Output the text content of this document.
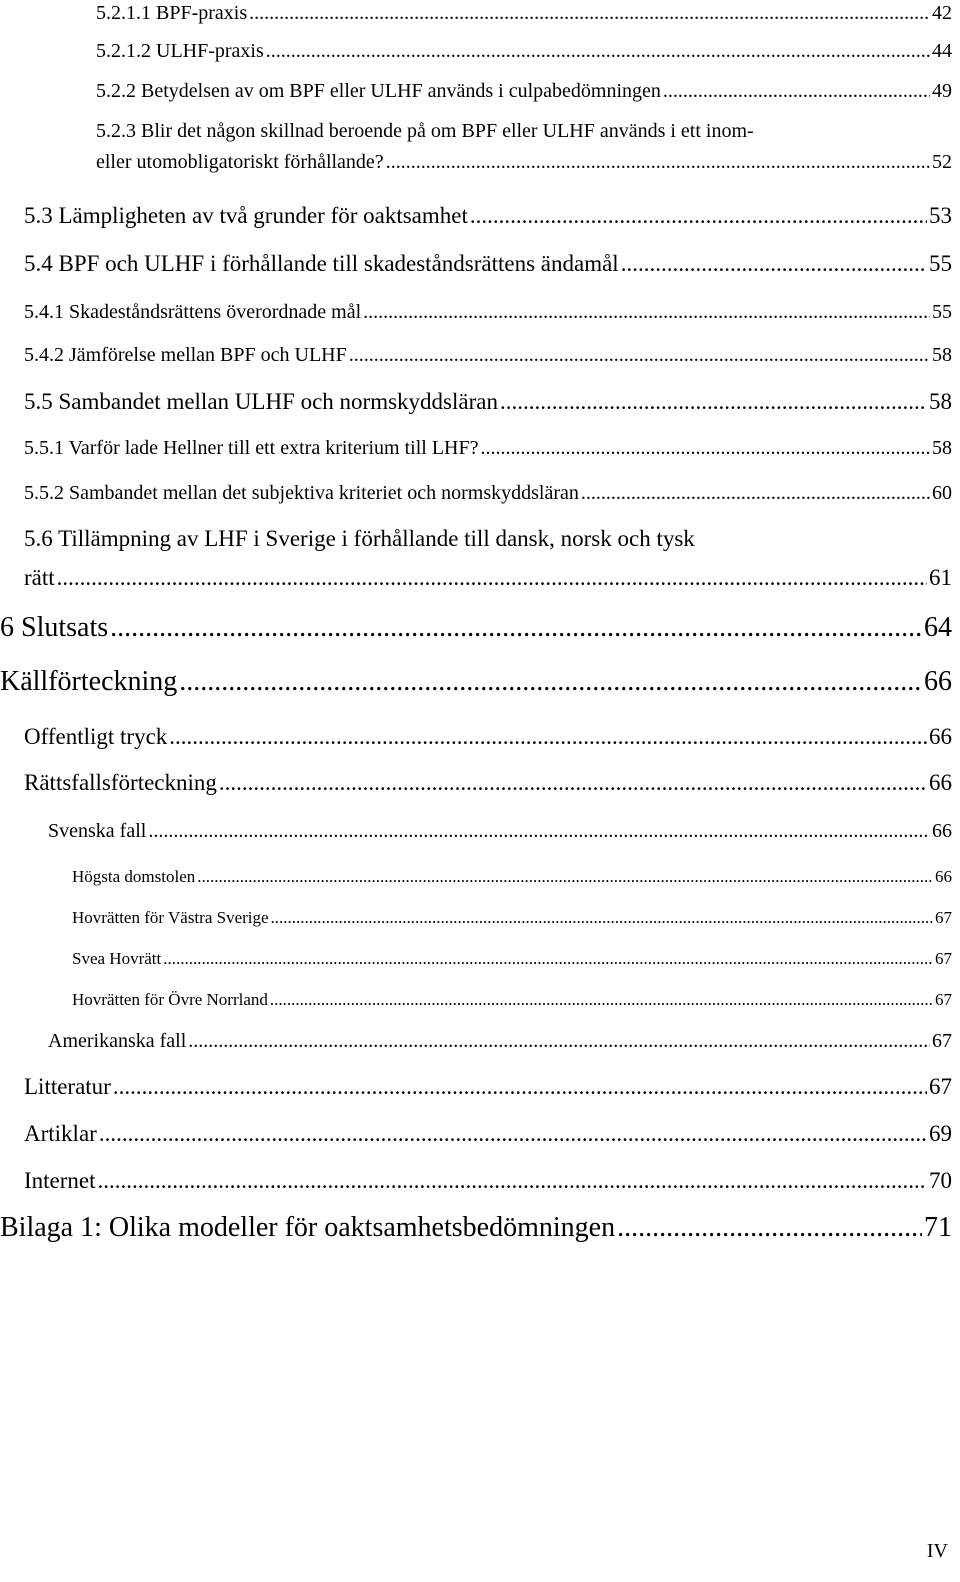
5.2.1.1 BPF-praxis .....	42
5.2.1.2 ULHF-praxis .....	44
5.2.2 Betydelsen av om BPF eller ULHF används i culpabedömningen .....	49
5.2.3 Blir det någon skillnad beroende på om BPF eller ULHF används i ett inom-
eller utomobligatoriskt förhållande? .....	52
5.3 Lämpligheten av två grunder för oaktsamhet .....	53
5.4 BPF och ULHF i förhållande till skadeståndsrättens ändamål .....	55
5.4.1 Skadeståndsrättens överordnade mål .....	55
5.4.2 Jämförelse mellan BPF och ULHF .....	58
5.5 Sambandet mellan ULHF och normskyddsläran .....	58
5.5.1 Varför lade Hellner till ett extra kriterium till LHF? .....	58
5.5.2 Sambandet mellan det subjektiva kriteriet och normskyddsläran .....	60
5.6 Tillämpning av LHF i Sverige i förhållande till dansk, norsk och tysk
rätt .....	61
6 Slutsats .....	64
Källförteckning .....	66
Offentligt tryck .....	66
Rättsfallsförteckning .....	66
Svenska fall .....	66
Högsta domstolen .....	66
Hovrätten för Västra Sverige .....	67
Svea Hovrätt .....	67
Hovrätten för Övre Norrland .....	67
Amerikanska fall .....	67
Litteratur .....	67
Artiklar .....	69
Internet .....	70
Bilaga 1: Olika modeller för oaktsamhetsbedömningen .....	71
IV
